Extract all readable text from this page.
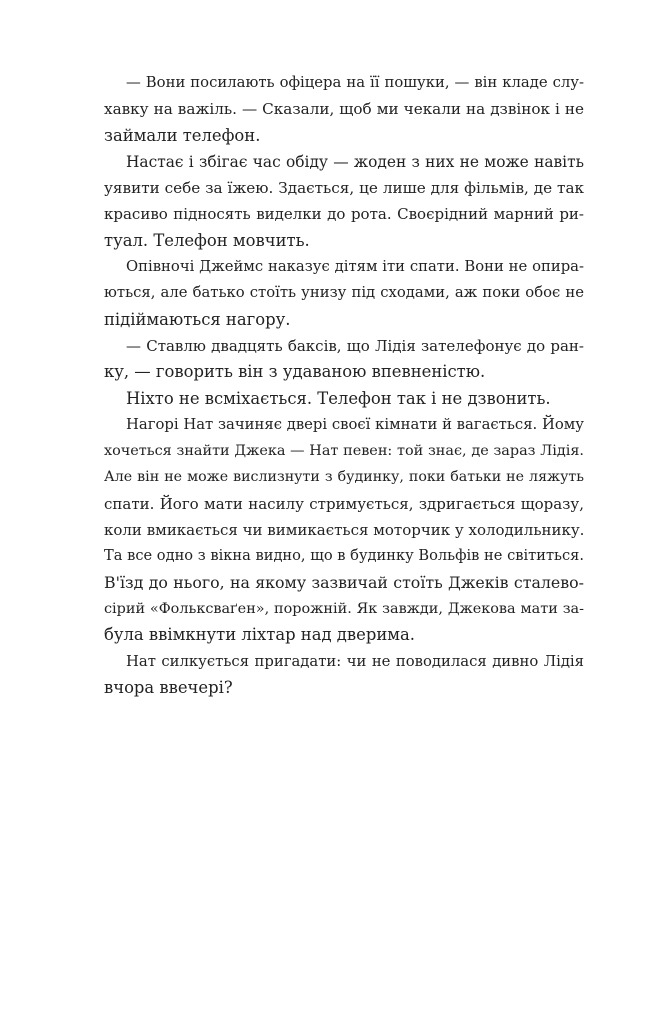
— Вони посилають офіцера на її пошуки, — він кладе слу-
хавку на важіль. — Сказали, щоб ми чекали на дзвінок і не
займали телефон.
Настає і збігає час обіду — жоден з них не може навіть
уявити себе за їжею. Здається, це лише для фільмів, де так
красиво підносять виделки до рота. Своєрідний марний ри-
туал. Телефон мовчить.
Опівночі Джеймс наказує дітям іти спати. Вони не опира-
ються, але батько стоїть унизу під сходами, аж поки обоє не
підіймаються нагору.
— Ставлю двадцять баксів, що Лідія зателефонує до ран-
ку, — говорить він з удаваною впевненістю.
Ніхто не всміхається. Телефон так і не дзвонить.
Нагорі Нат зачиняє двері своєї кімнати й вагається. Йому
хочеться знайти Джека — Нат певен: той знає, де зараз Лідія.
Але він не може вислизнути з будинку, поки батьки не ляжуть
спати. Його мати насилу стримується, здригається щоразу,
коли вмикається чи вимикається моторчик у холодильнику.
Та все одно з вікна видно, що в будинку Вольфів не світиться.
В'їзд до нього, на якому зазвичай стоїть Джеків сталево-
сірий «Фольксваґен», порожній. Як завжди, Джекова мати за-
була ввімкнути ліхтар над дверима.
Нат силкується пригадати: чи не поводилася дивно Лідія
вчора ввечері?
